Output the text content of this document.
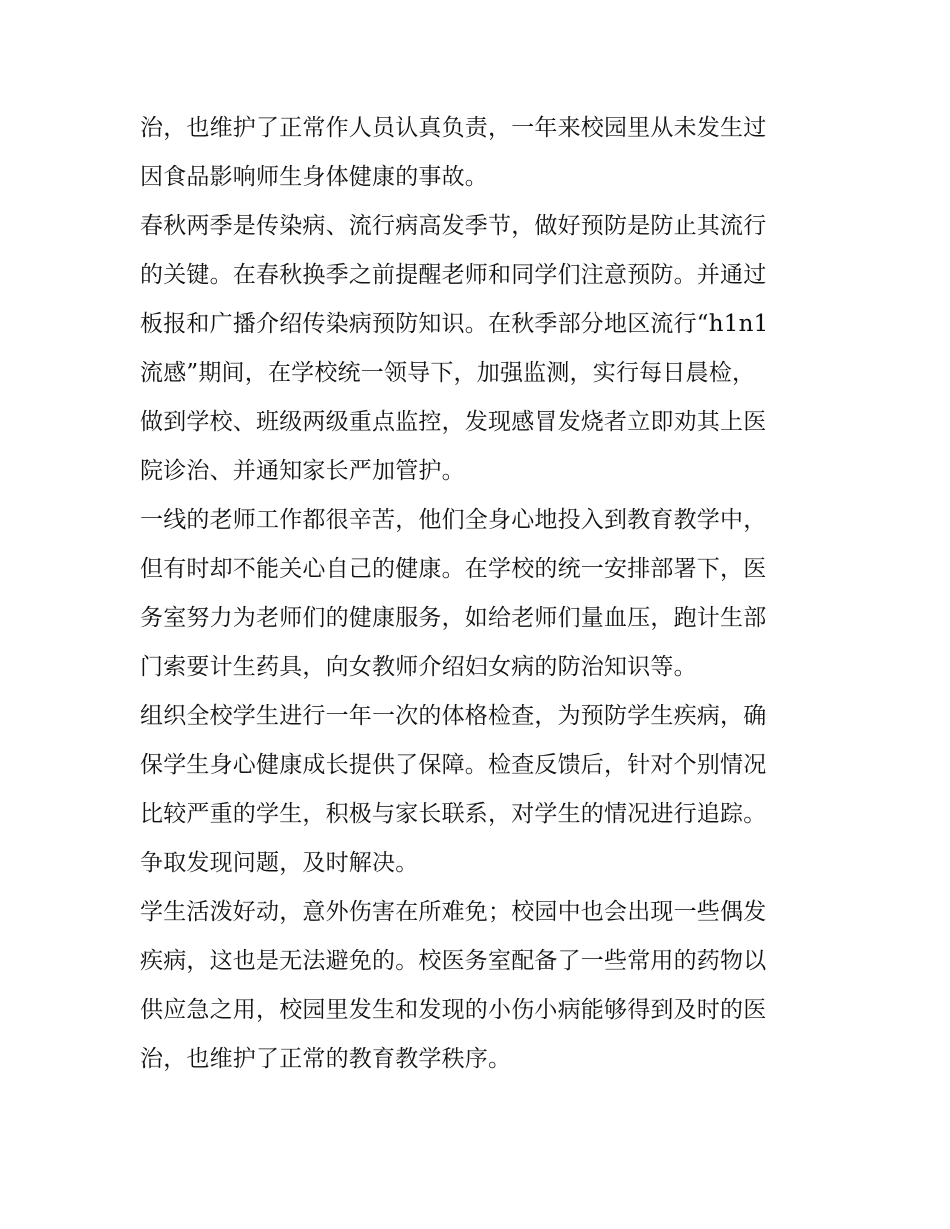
治，也维护了正常作人员认真负责，一年来校园里从未发生过
因食品影响师生身体健康的事故。
春秋两季是传染病、流行病高发季节，做好预防是防止其流行
的关键。在春秋换季之前提醒老师和同学们注意预防。并通过
板报和广播介绍传染病预防知识。在秋季部分地区流行“h1n1
流感”期间，在学校统一领导下，加强监测，实行每日晨检，
做到学校、班级两级重点监控，发现感冒发烧者立即劝其上医
院诊治、并通知家长严加管护。
一线的老师工作都很辛苦，他们全身心地投入到教育教学中，
但有时却不能关心自己的健康。在学校的统一安排部署下，医
务室努力为老师们的健康服务，如给老师们量血压，跑计生部
门索要计生药具，向女教师介绍妇女病的防治知识等。
组织全校学生进行一年一次的体格检查，为预防学生疾病，确
保学生身心健康成长提供了保障。检查反馈后，针对个别情况
比较严重的学生，积极与家长联系，对学生的情况进行追踪。
争取发现问题，及时解决。
学生活泼好动，意外伤害在所难免；校园中也会出现一些偶发
疾病，这也是无法避免的。校医务室配备了一些常用的药物以
供应急之用，校园里发生和发现的小伤小病能够得到及时的医
治，也维护了正常的教育教学秩序。
